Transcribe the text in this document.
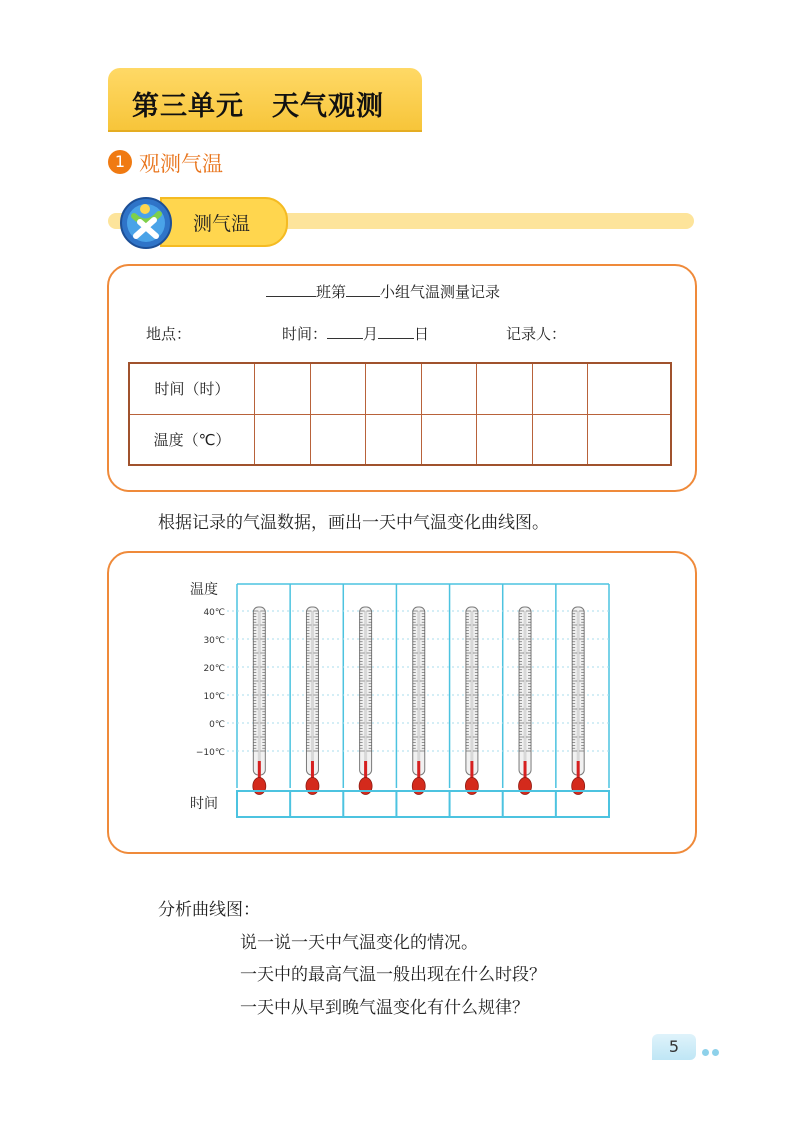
第三单元　天气观测
1 观测气温
测气温
班第 小组气温测量记录
地点：	时间： 月 日	记录人：
时间（时）							
温度（℃）							
根据记录的气温数据，画出一天中气温变化曲线图。
温度
40℃
30℃
20℃
10℃
0℃
−10℃
时间
分析曲线图：
说一说一天中气温变化的情况。
一天中的最高气温一般出现在什么时段？
一天中从早到晚气温变化有什么规律？
5
